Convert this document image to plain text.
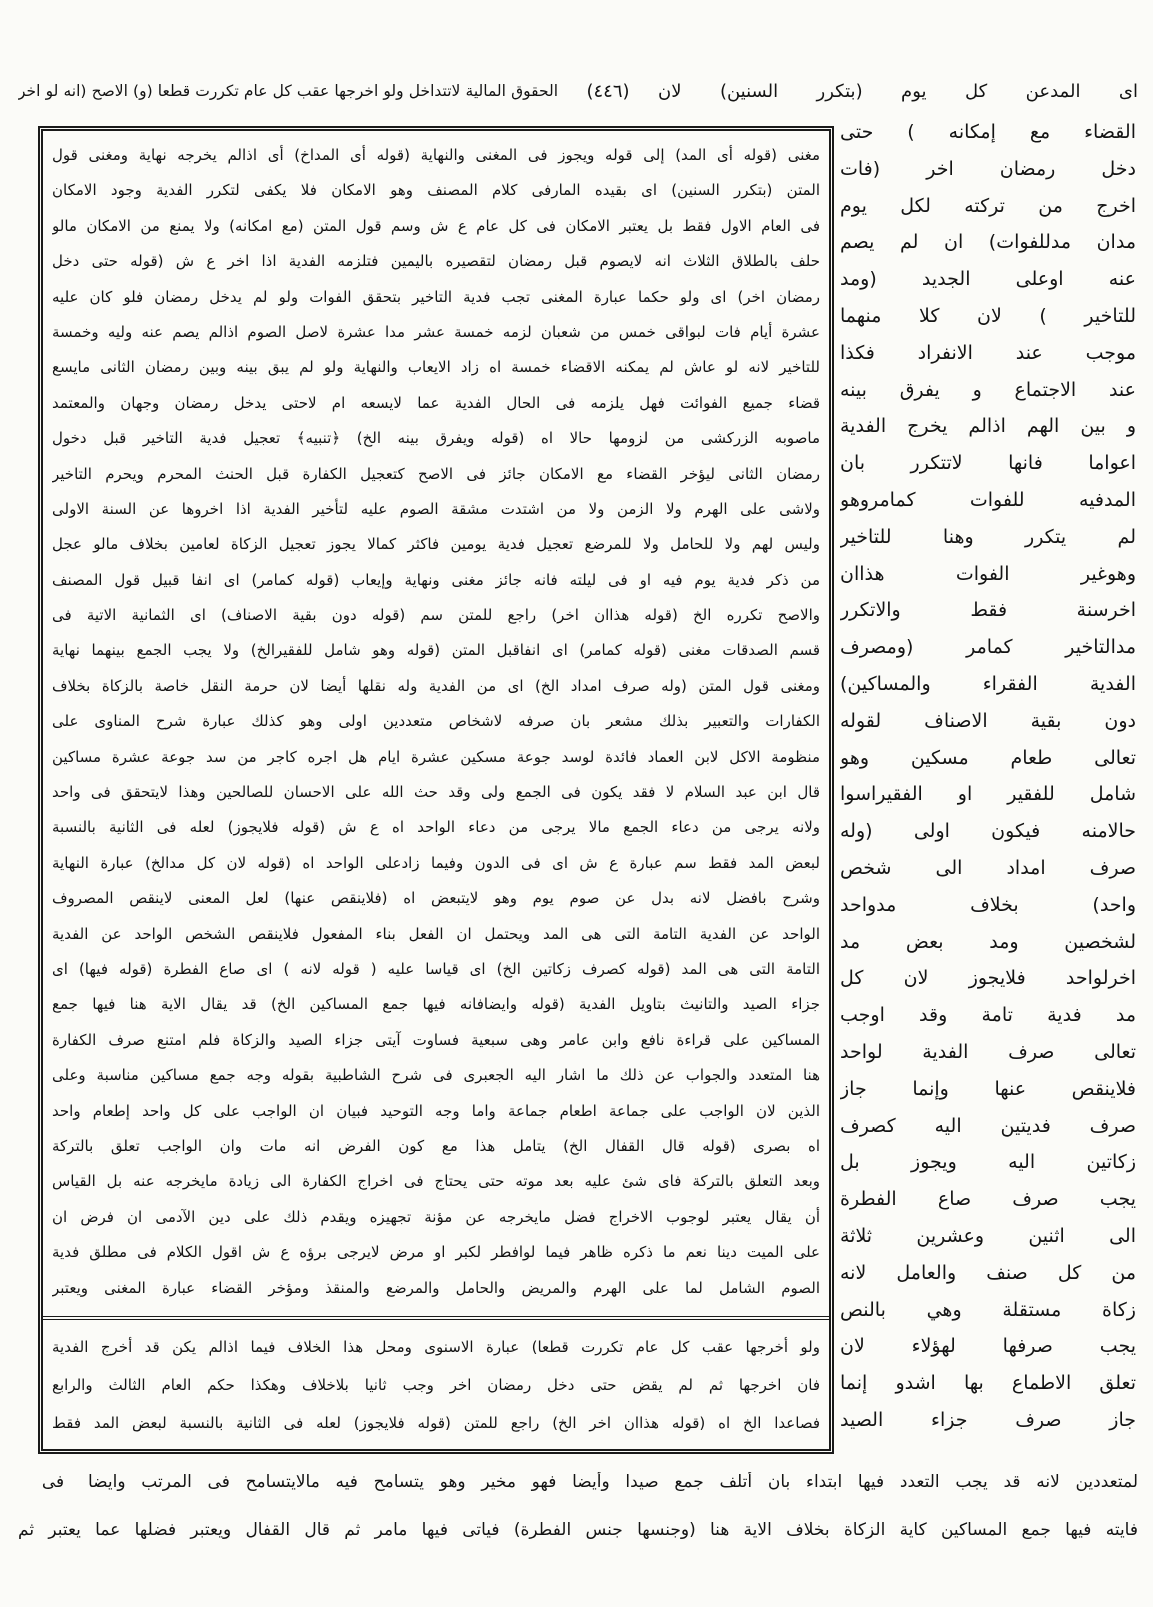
اى المدعن كل يوم (بتكرر السنين) لان
(٤٤٦)
الحقوق المالية لاتتداخل ولو اخرجها عقب كل عام تكررت قطعا (و) الاصح (انه لو اخر
القضاء مع إمكانه ) حتى
دخل رمضان اخر (فات
اخرج من تركته لكل يوم
مدان مدللفوات) ان لم يصم
عنه اوعلى الجديد (ومد
للتاخير ) لان كلا منهما
موجب عند الانفراد فكذا
عند الاجتماع و يفرق بينه
و بين الهم اذالم يخرج الفدية
اعواما فانها لاتتكرر بان
المدفيه للفوات كمامروهو
لم يتكرر وهنا للتاخير
وهوغير الفوات هذاان
اخرسنة فقط والاتكرر
مدالتاخير كمامر (ومصرف
الفدية الفقراء والمساكين)
دون بقية الاصناف لقوله
تعالى طعام مسكين وهو
شامل للفقير او الفقيراسوا
حالامنه فيكون اولى (وله
صرف امداد الى شخص
واحد) بخلاف مدواحد
لشخصين ومد بعض مد
اخرلواحد فلايجوز لان كل
مد فدية تامة وقد اوجب
تعالى صرف الفدية لواحد
فلاينقص عنها وإنما جاز
صرف فديتين اليه كصرف
زكاتين اليه ويجوز بل
يجب صرف صاع الفطرة
الى اثنين وعشرين ثلاثة
من كل صنف والعامل لانه
زكاة مستقلة وهي بالنص
يجب صرفها لهؤلاء لان
تعلق الاطماع بها اشدو إنما
جاز صرف جزاء الصيد
مغنى (قوله أى المد) إلى قوله ويجوز فى المغنى والنهاية (قوله أى المداخ) أى اذالم يخرجه نهاية ومغنى قول
المتن (بتكرر السنين) اى بقيده المارفى كلام المصنف وهو الامكان فلا يكفى لتكرر الفدية وجود الامكان
فى العام الاول فقط بل يعتبر الامكان فى كل عام ع ش وسم قول المتن (مع امكانه) ولا يمنع من الامكان مالو
حلف بالطلاق الثلاث انه لايصوم قبل رمضان لتقصيره باليمين فتلزمه الفدية اذا اخر ع ش (قوله حتى دخل
رمضان اخر) اى ولو حكما عبارة المغنى تجب فدية التاخير بتحقق الفوات ولو لم يدخل رمضان فلو كان عليه
عشرة أيام فات لبواقى خمس من شعبان لزمه خمسة عشر مدا عشرة لاصل الصوم اذالم يصم عنه وليه وخمسة
للتاخير لانه لو عاش لم يمكنه الاقضاء خمسة اه زاد الايعاب والنهاية ولو لم يبق بينه وبين رمضان الثانى مايسع
قضاء جميع الفوائت فهل يلزمه فى الحال الفدية عما لايسعه ام لاحتى يدخل رمضان وجهان والمعتمد
ماصوبه الزركشى من لزومها حالا اه (قوله ويفرق بينه الخ) ﴿تنبيه﴾ تعجيل فدية التاخير قبل دخول
رمضان الثانى ليؤخر القضاء مع الامكان جائز فى الاصح كتعجيل الكفارة قبل الحنث المحرم ويحرم التاخير
ولاشى على الهرم ولا الزمن ولا من اشتدت مشقة الصوم عليه لتأخير الفدية اذا اخروها عن السنة الاولى
وليس لهم ولا للحامل ولا للمرضع تعجيل فدية يومين فاكثر كمالا يجوز تعجيل الزكاة لعامين بخلاف مالو عجل
من ذكر فدية يوم فيه او فى ليلته فانه جائز مغنى ونهاية وإيعاب (قوله كمامر) اى انفا قبيل قول المصنف
والاصح تكرره الخ (قوله هذاان اخر) راجع للمتن سم (قوله دون بقية الاصناف) اى الثمانية الاتية فى
قسم الصدقات مغنى (قوله كمامر) اى انفاقبل المتن (قوله وهو شامل للفقيرالخ) ولا يجب الجمع بينهما نهاية
ومغنى قول المتن (وله صرف امداد الخ) اى من الفدية وله نقلها أيضا لان حرمة النقل خاصة بالزكاة بخلاف
الكفارات والتعبير بذلك مشعر بان صرفه لاشخاص متعددين اولى وهو كذلك عبارة شرح المناوى على
منظومة الاكل لابن العماد فائدة لوسد جوعة مسكين عشرة ايام هل اجره كاجر من سد جوعة عشرة مساكين
قال ابن عبد السلام لا فقد يكون فى الجمع ولى وقد حث الله على الاحسان للصالحين وهذا لايتحقق فى واحد
ولانه يرجى من دعاء الجمع مالا يرجى من دعاء الواحد اه ع ش (قوله فلايجوز) لعله فى الثانية بالنسبة
لبعض المد فقط سم عبارة ع ش اى فى الدون وفيما زادعلى الواحد اه (قوله لان كل مدالخ) عبارة النهاية
وشرح بافضل لانه بدل عن صوم يوم وهو لايتبعض اه (فلاينقص عنها) لعل المعنى لاينقص المصروف
الواحد عن الفدية التامة التى هى المد ويحتمل ان الفعل بناء المفعول فلاينقص الشخص الواحد عن الفدية
التامة التى هى المد (قوله كصرف زكاتين الخ) اى قياسا عليه ( قوله لانه ) اى صاع الفطرة (قوله فيها) اى
جزاء الصيد والتانيث بتاويل الفدية (قوله وايضافانه فيها جمع المساكين الخ) قد يقال الاية هنا فيها جمع
المساكين على قراءة نافع وابن عامر وهى سبعية فساوت آيتى جزاء الصيد والزكاة فلم امتنع صرف الكفارة
هنا المتعدد والجواب عن ذلك ما اشار اليه الجعبرى فى شرح الشاطبية بقوله وجه جمع مساكين مناسبة وعلى
الذين لان الواجب على جماعة اطعام جماعة واما وجه التوحيد فبيان ان الواجب على كل واحد إطعام واحد
اه بصرى (قوله قال القفال الخ) يتامل هذا مع كون الفرض انه مات وان الواجب تعلق بالتركة
وبعد التعلق بالتركة فاى شئ عليه بعد موته حتى يحتاج فى اخراج الكفارة الى زيادة مايخرجه عنه بل القياس
أن يقال يعتبر لوجوب الاخراج فضل مايخرجه عن مؤنة تجهيزه ويقدم ذلك على دين الآدمى ان فرض ان
على الميت دينا نعم ما ذكره ظاهر فيما لوافطر لكبر او مرض لايرجى برؤه ع ش اقول الكلام فى مطلق فدية
الصوم الشامل لما على الهرم والمريض والحامل والمرضع والمنقذ ومؤخر القضاء عبارة المغنى ويعتبر
ولو أخرجها عقب كل عام تكررت قطعا) عبارة الاسنوى ومحل هذا الخلاف فيما اذالم يكن قد أخرج الفدية
فان اخرجها ثم لم يقض حتى دخل رمضان اخر وجب ثانيا بلاخلاف وهكذا حكم العام الثالث والرابع
فصاعدا الخ اه (قوله هذاان اخر الخ) راجع للمتن (قوله فلايجوز) لعله فى الثانية بالنسبة لبعض المد فقط
لمتعددين لانه قد يجب التعدد فيها ابتداء بان أتلف جمع صيدا وأيضا فهو مخير وهو يتسامح فيه مالايتسامح فى المرتب وايضا
فى
فايته فيها جمع المساكين كاية الزكاة بخلاف الاية هنا (وجنسها جنس الفطرة) فياتى فيها مامر ثم قال القفال ويعتبر فضلها عما يعتبر ثم
